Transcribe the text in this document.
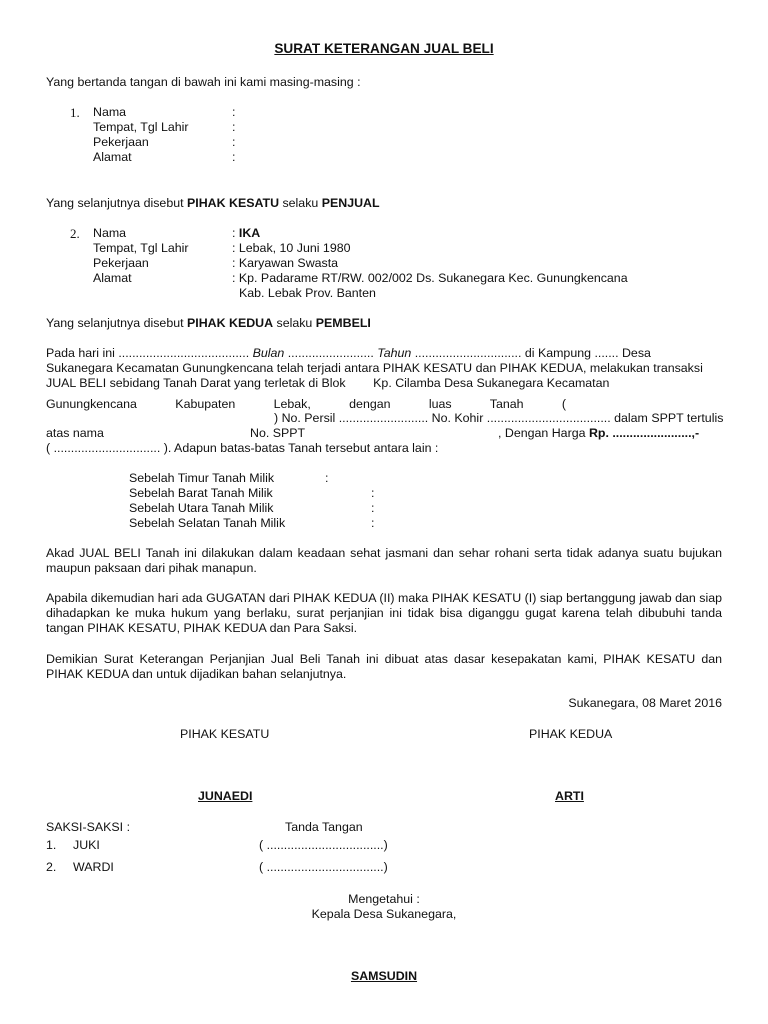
SURAT KETERANGAN JUAL BELI
Yang bertanda tangan di bawah ini kami masing-masing :
1. Nama	:
Tempat, Tgl Lahir	:
Pekerjaan	:
Alamat	:
Yang selanjutnya disebut PIHAK KESATU selaku PENJUAL
2. Nama	: IKA
Tempat, Tgl Lahir	: Lebak, 10 Juni 1980
Pekerjaan	: Karyawan Swasta
Alamat	: Kp. Padarame RT/RW. 002/002 Ds. Sukanegara Kec. Gunungkencana
Kab. Lebak Prov. Banten
Yang selanjutnya disebut PIHAK KEDUA selaku PEMBELI
Pada hari ini ...................................... Bulan ......................... Tahun ............................... di Kampung ....... Desa
Sukanegara Kecamatan Gunungkencana telah terjadi antara PIHAK KESATU dan PIHAK KEDUA, melakukan transaksi
JUAL BELI sebidang Tanah Darat yang terletak di Blok        Kp. Cilamba Desa Sukanegara Kecamatan
Gunungkencana Kabupaten Lebak, dengan luas Tanah (
) No. Persil .......................... No. Kohir .................................... dalam SPPT tertulis
atas nama	No. SPPT	, Dengan Harga Rp. .......................,-
( ............................... ). Adapun batas-batas Tanah tersebut antara lain :
Sebelah Timur Tanah Milik	:
Sebelah Barat Tanah Milik	:
Sebelah Utara Tanah Milik	:
Sebelah Selatan Tanah Milik	:
Akad JUAL BELI Tanah ini dilakukan dalam keadaan sehat jasmani dan sehar rohani serta tidak adanya suatu bujukan maupun paksaan dari pihak manapun.
Apabila dikemudian hari ada GUGATAN dari PIHAK KEDUA (II) maka PIHAK KESATU (I) siap bertanggung jawab dan siap dihadapkan ke muka hukum yang berlaku, surat perjanjian ini tidak bisa diganggu gugat karena telah dibubuhi tanda tangan PIHAK KESATU, PIHAK KEDUA dan Para Saksi.
Demikian Surat Keterangan Perjanjian Jual Beli Tanah ini dibuat atas dasar kesepakatan kami, PIHAK KESATU dan PIHAK KEDUA dan untuk dijadikan bahan selanjutnya.
Sukanegara, 08 Maret 2016
PIHAK KESATU	PIHAK KEDUA
JUNAEDI	ARTI
SAKSI-SAKSI :	Tanda Tangan
1. JUKI	( ..................................)
2. WARDI	( ..................................)
Mengetahui :
Kepala Desa Sukanegara,
SAMSUDIN
